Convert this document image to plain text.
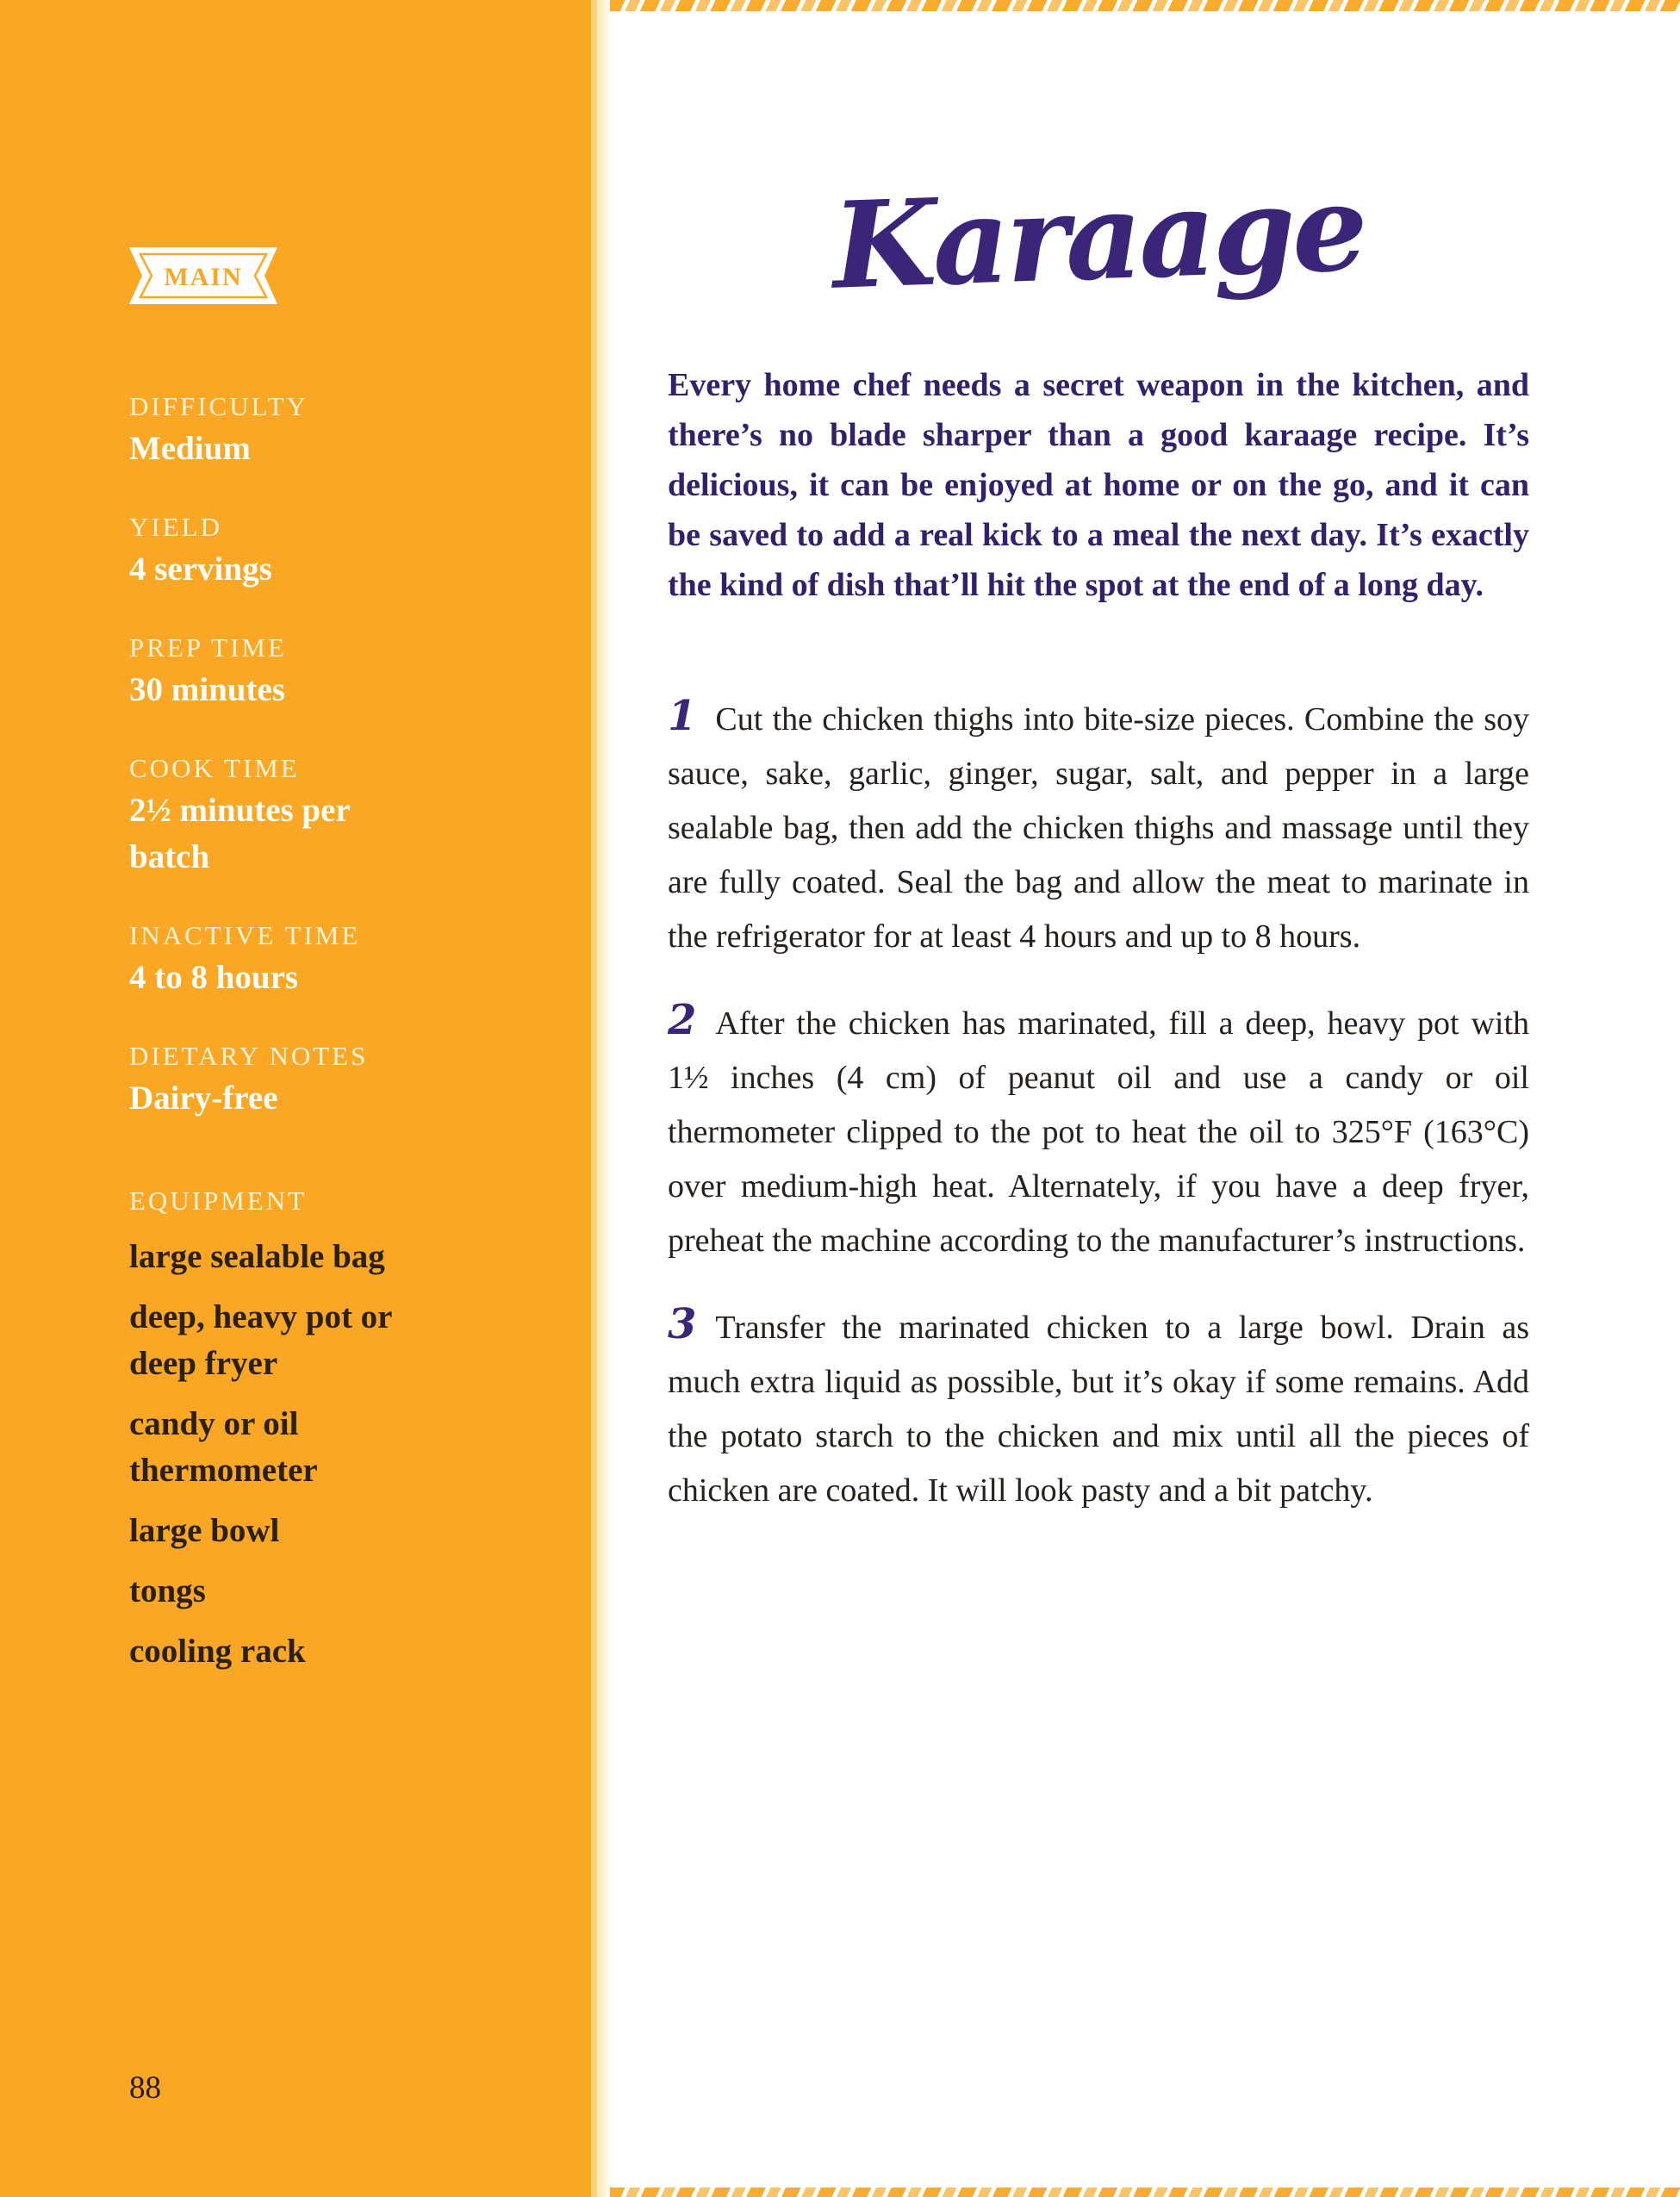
MAIN
DIFFICULTY
Medium
YIELD
4 servings
PREP TIME
30 minutes
COOK TIME
2½ minutes per batch
INACTIVE TIME
4 to 8 hours
DIETARY NOTES
Dairy-free
EQUIPMENT
large sealable bag
deep, heavy pot or deep fryer
candy or oil thermometer
large bowl
tongs
cooling rack
88
Karaage

Every home chef needs a secret weapon in the kitchen, and there’s no blade sharper than a good karaage recipe. It’s delicious, it can be enjoyed at home or on the go, and it can be saved to add a real kick to a meal the next day. It’s exactly the kind of dish that’ll hit the spot at the end of a long day.

1 Cut the chicken thighs into bite-size pieces. Combine the soy sauce, sake, garlic, ginger, sugar, salt, and pepper in a large sealable bag, then add the chicken thighs and massage until they are fully coated. Seal the bag and allow the meat to marinate in the refrigerator for at least 4 hours and up to 8 hours.

2 After the chicken has marinated, fill a deep, heavy pot with 1½ inches (4 cm) of peanut oil and use a candy or oil thermometer clipped to the pot to heat the oil to 325°F (163°C) over medium-high heat. Alternately, if you have a deep fryer, preheat the machine according to the manufacturer’s instructions.

3 Transfer the marinated chicken to a large bowl. Drain as much extra liquid as possible, but it’s okay if some remains. Add the potato starch to the chicken and mix until all the pieces of chicken are coated. It will look pasty and a bit patchy.
